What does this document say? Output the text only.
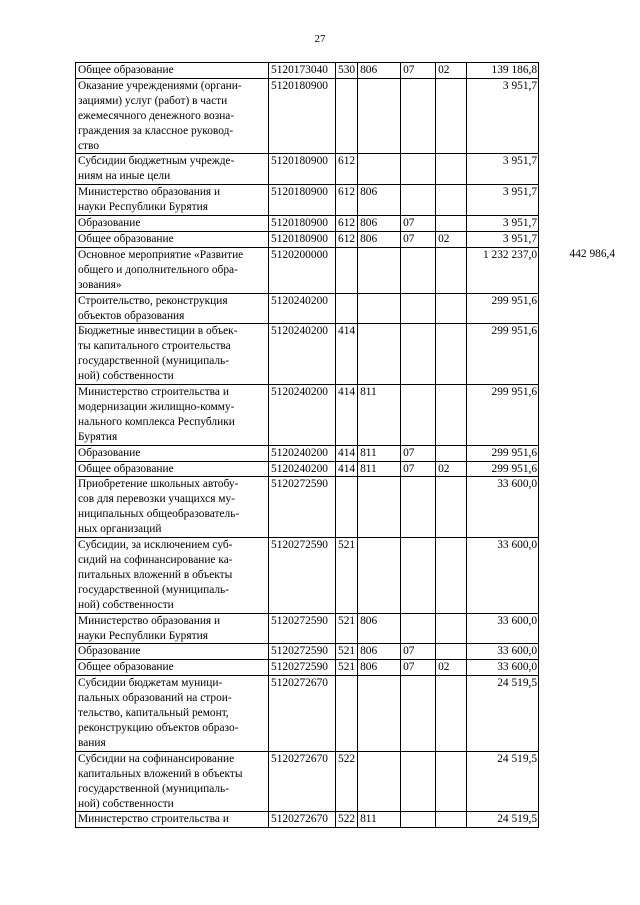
27
Общее образование	5120173040	530	806	07	02	139 186,8	

Оказание учреждениями (органи-
зациями) услуг (работ) в части
ежемесячного денежного возна-
граждения за классное руковод-
ство	5120180900					3 951,7	

Субсидии бюджетным учрежде-
ниям на иные цели	5120180900	612				3 951,7	

Министерство образования и
науки Республики Бурятия	5120180900	612	806			3 951,7	

Образование	5120180900	612	806	07		3 951,7	

Общее образование	5120180900	612	806	07	02	3 951,7	

Основное мероприятие «Развитие
общего и дополнительного обра-
зования»	5120200000					1 232 237,0	442 986,4

Строительство, реконструкция
объектов образования	5120240200					299 951,6	

Бюджетные инвестиции в объек-
ты капитального строительства
государственной (муниципаль-
ной) собственности	5120240200	414				299 951,6	

Министерство строительства и
модернизации жилищно-комму-
нального комплекса Республики
Бурятия	5120240200	414	811			299 951,6	

Образование	5120240200	414	811	07		299 951,6	

Общее образование	5120240200	414	811	07	02	299 951,6	

Приобретение школьных автобу-
сов для перевозки учащихся му-
ниципальных общеобразователь-
ных организаций	5120272590					33 600,0	

Субсидии, за исключением суб-
сидий на софинансирование ка-
питальных вложений в объекты
государственной (муниципаль-
ной) собственности	5120272590	521				33 600,0	

Министерство образования и
науки Республики Бурятия	5120272590	521	806			33 600,0	

Образование	5120272590	521	806	07		33 600,0	

Общее образование	5120272590	521	806	07	02	33 600,0	

Субсидии бюджетам муници-
пальных образований на строи-
тельство, капитальный ремонт,
реконструкцию объектов образо-
вания	5120272670					24 519,5	

Субсидии на софинансирование
капитальных вложений в объекты
государственной (муниципаль-
ной) собственности	5120272670	522				24 519,5	

Министерство строительства и	5120272670	522	811			24 519,5	
